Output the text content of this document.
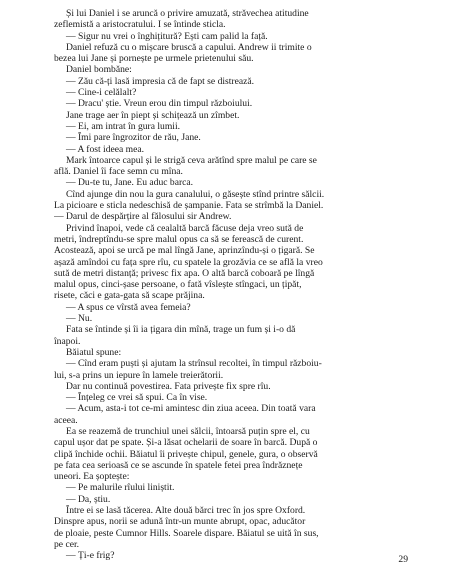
Și lui Daniel i se aruncă o privire amuzată, străvechea atitudine

zeflemistă a aristocratului. I se întinde sticla.

— Sigur nu vrei o înghițitură? Ești cam palid la față.

Daniel refuză cu o mișcare bruscă a capului. Andrew ii trimite o

bezea lui Jane și pornește pe urmele prietenului său.

Daniel bombăne:

— Zău că-ți lasă impresia că de fapt se distrează.

— Cine-i celălalt?

— Dracu' știe. Vreun erou din timpul războiului.

Jane trage aer în piept și schițează un zîmbet.

— Ei, am intrat în gura lumii.

— Îmi pare îngrozitor de rău, Jane.

— A fost ideea mea.

Mark întoarce capul și le strigă ceva arătînd spre malul pe care se

află. Daniel îi face semn cu mîna.

— Du-te tu, Jane. Eu aduc barca.

Cînd ajunge din nou la gura canalului, o găsește stînd printre sălcii.

La picioare e sticla nedeschisă de șampanie. Fata se strîmbă la Daniel.

— Darul de despărțire al fălosului sir Andrew.

Privind înapoi, vede că cealaltă barcă făcuse deja vreo sută de

metri, îndreptîndu-se spre malul opus ca să se ferească de curent.

Acostează, apoi se urcă pe mal lîngă Jane, aprinzîndu-și o țigară. Se

așază amîndoi cu fața spre rîu, cu spatele la grozăvia ce se află la vreo

sută de metri distanță; privesc fix apa. O altă barcă coboară pe lîngă

malul opus, cinci-șase persoane, o fată vîslește stîngaci, un țipăt,

risete, căci e gata-gata să scape prăjina.

— A spus ce vîrstă avea femeia?

— Nu.

Fata se întinde și îi ia țigara din mînă, trage un fum și i-o dă

înapoi.

Băiatul spune:

— Cînd eram puști și ajutam la strînsul recoltei, în timpul războiu-

lui, s-a prins un iepure în lamele treierătorii.

Dar nu continuă povestirea. Fata privește fix spre rîu.

— Înțeleg ce vrei să spui. Ca în vise.

— Acum, asta-i tot ce-mi amintesc din ziua aceea. Din toată vara

aceea.

Ea se reazemă de trunchiul unei sălcii, întoarsă puțin spre el, cu

capul ușor dat pe spate. Și-a lăsat ochelarii de soare în barcă. După o

clipă închide ochii. Băiatul îi privește chipul, genele, gura, o observă

pe fata cea serioasă ce se ascunde în spatele fetei prea îndrăznețe

uneori. Ea șoptește:

— Pe malurile rîului liniștit.

— Da, știu.

Între ei se lasă tăcerea. Alte două bărci trec în jos spre Oxford.

Dinspre apus, norii se adună într-un munte abrupt, opac, aducător

de ploaie, peste Cumnor Hills. Soarele dispare. Băiatul se uită în sus,

pe cer.

— Ți-e frig?	29
